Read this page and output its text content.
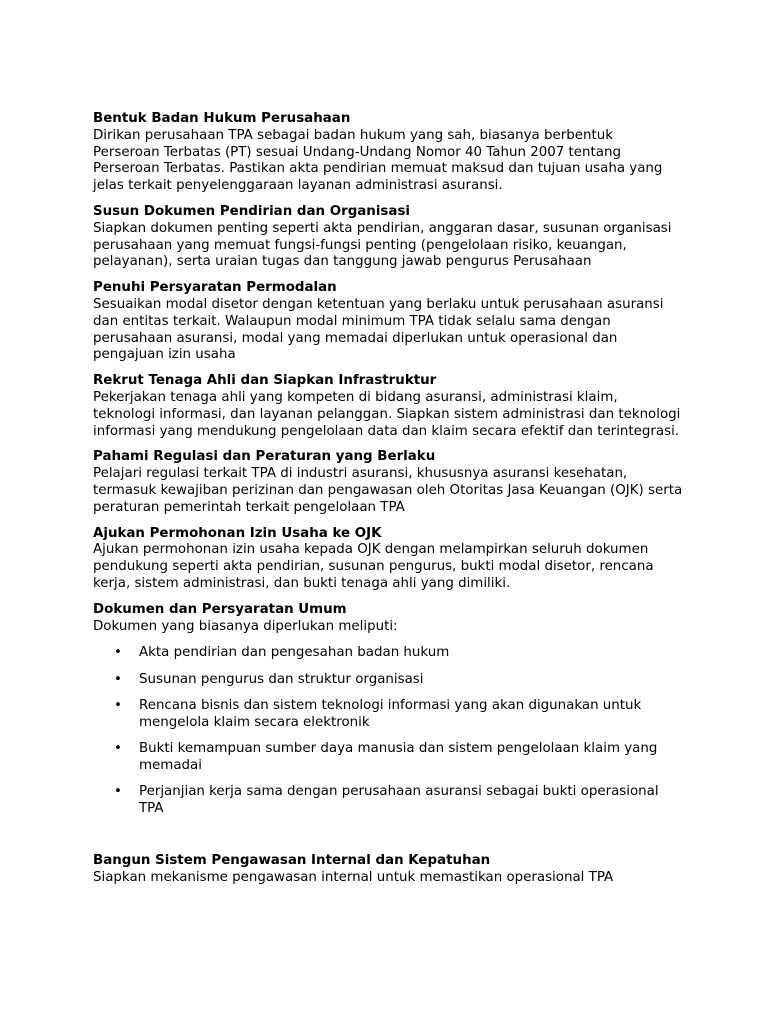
Bentuk Badan Hukum Perusahaan

Dirikan perusahaan TPA sebagai badan hukum yang sah, biasanya berbentuk Perseroan Terbatas (PT) sesuai Undang-Undang Nomor 40 Tahun 2007 tentang Perseroan Terbatas. Pastikan akta pendirian memuat maksud dan tujuan usaha yang jelas terkait penyelenggaraan layanan administrasi asuransi.

Susun Dokumen Pendirian dan Organisasi

Siapkan dokumen penting seperti akta pendirian, anggaran dasar, susunan organisasi perusahaan yang memuat fungsi-fungsi penting (pengelolaan risiko, keuangan, pelayanan), serta uraian tugas dan tanggung jawab pengurus Perusahaan

Penuhi Persyaratan Permodalan

Sesuaikan modal disetor dengan ketentuan yang berlaku untuk perusahaan asuransi dan entitas terkait. Walaupun modal minimum TPA tidak selalu sama dengan perusahaan asuransi, modal yang memadai diperlukan untuk operasional dan pengajuan izin usaha

Rekrut Tenaga Ahli dan Siapkan Infrastruktur

Pekerjakan tenaga ahli yang kompeten di bidang asuransi, administrasi klaim, teknologi informasi, dan layanan pelanggan. Siapkan sistem administrasi dan teknologi informasi yang mendukung pengelolaan data dan klaim secara efektif dan terintegrasi.

Pahami Regulasi dan Peraturan yang Berlaku

Pelajari regulasi terkait TPA di industri asuransi, khususnya asuransi kesehatan, termasuk kewajiban perizinan dan pengawasan oleh Otoritas Jasa Keuangan (OJK) serta peraturan pemerintah terkait pengelolaan TPA

Ajukan Permohonan Izin Usaha ke OJK

Ajukan permohonan izin usaha kepada OJK dengan melampirkan seluruh dokumen pendukung seperti akta pendirian, susunan pengurus, bukti modal disetor, rencana kerja, sistem administrasi, dan bukti tenaga ahli yang dimiliki.

Dokumen dan Persyaratan Umum

Dokumen yang biasanya diperlukan meliputi:

• Akta pendirian dan pengesahan badan hukum
• Susunan pengurus dan struktur organisasi
• Rencana bisnis dan sistem teknologi informasi yang akan digunakan untuk mengelola klaim secara elektronik
• Bukti kemampuan sumber daya manusia dan sistem pengelolaan klaim yang memadai
• Perjanjian kerja sama dengan perusahaan asuransi sebagai bukti operasional TPA

Bangun Sistem Pengawasan Internal dan Kepatuhan

Siapkan mekanisme pengawasan internal untuk memastikan operasional TPA
